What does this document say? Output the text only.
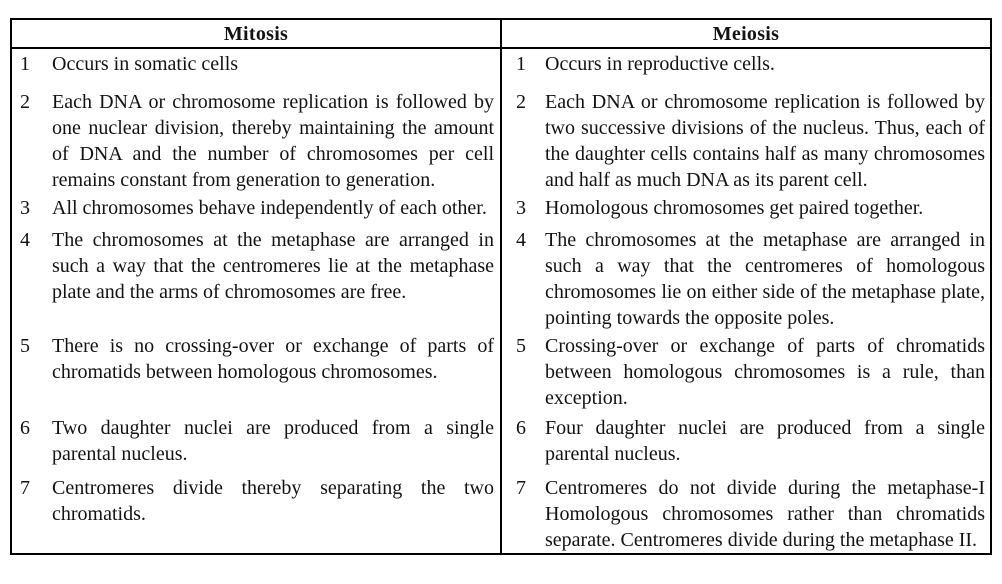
Mitosis	Meiosis

1 Occurs in somatic cells	1 Occurs in reproductive cells.

2 Each DNA or chromosome replication is followed by one nuclear division, thereby maintaining the amount of DNA and the number of chromosomes per cell remains constant from generation to generation.	2 Each DNA or chromosome replication is followed by two successive divisions of the nucleus. Thus, each of the daughter cells contains half as many chromosomes and half as much DNA as its parent cell.

3 All chromosomes behave independently of each other.	3 Homologous chromosomes get paired together.

4 The chromosomes at the metaphase are arranged in such a way that the centromeres lie at the metaphase plate and the arms of chromosomes are free.	4 The chromosomes at the metaphase are arranged in such a way that the centromeres of homologous chromosomes lie on either side of the metaphase plate, pointing towards the opposite poles.

5 There is no crossing-over or exchange of parts of chromatids between homologous chromosomes.	5 Crossing-over or exchange of parts of chromatids between homologous chromosomes is a rule, than exception.

6 Two daughter nuclei are produced from a single parental nucleus.	6 Four daughter nuclei are produced from a single parental nucleus.

7 Centromeres divide thereby separating the two chromatids.	7 Centromeres do not divide during the metaphase-I Homologous chromosomes rather than chromatids separate. Centromeres divide during the metaphase II.
